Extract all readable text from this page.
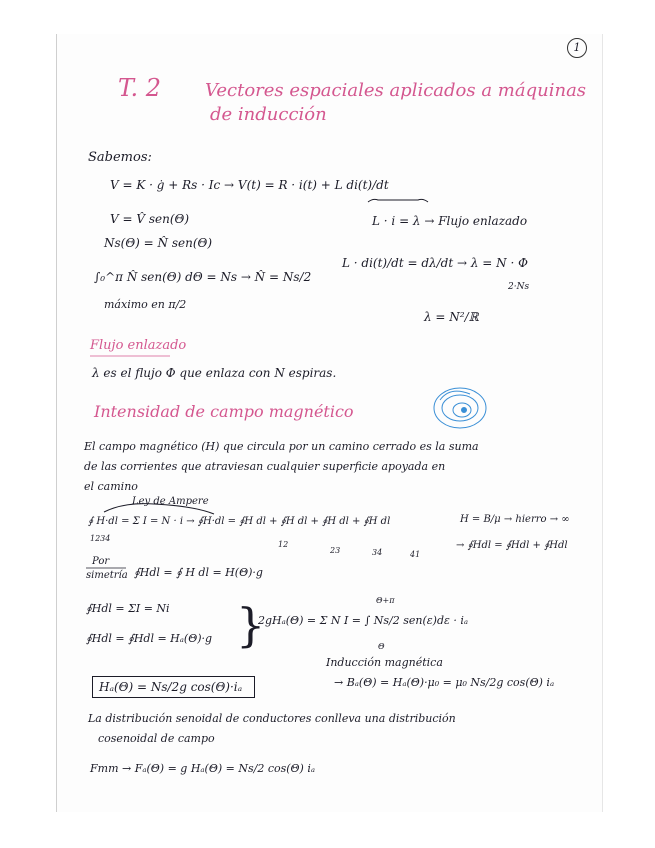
1
T. 2 Vectores espaciales aplicados a máquinas
de inducción
Sabemos:
V = K · ġ + Rs · Ic → V(t) = R · i(t) + L di(t)/dt
V = V̂ sen(Θ)
Ns(Θ) = N̂ sen(Θ)
∫₀^π N̂ sen(Θ) dΘ = Ns → N̂ = Ns/2
máximo en π/2
L · i = λ → Flujo enlazado
L · di(t)/dt = dλ/dt → λ = N · Φ
2·Ns
λ = N²/ℝ
Flujo enlazado
λ es el flujo Φ que enlaza con N espiras.
Intensidad de campo magnético
El campo magnético (H) que circula por un camino cerrado es la suma
de las corrientes que atraviesan cualquier superficie apoyada en
el camino
Ley de Ampere
∮ H·dl = Σ I = N · i → ∮H·dl = ∮H dl + ∮H dl + ∮H dl + ∮H dl
1234
12
23	34	41
H = B/μ → hierro → ∞
→ ∮Hdl = ∮Hdl + ∮Hdl
Por
simetría ∮Hdl = ∮ H dl = H(Θ)·g
∮Hdl = ΣI = Ni
∮Hdl = ∮Hdl = Hₐ(Θ)·g }
2gHₐ(Θ) = Σ N I = ∫ Ns/2 sen(ε)dε · iₐ
Θ+π
Θ
Hₐ(Θ) = Ns/2g cos(Θ)·iₐ
Inducción magnética
→ Bₐ(Θ) = Hₐ(Θ)·μ₀ = μ₀ Ns/2g cos(Θ) iₐ
La distribución senoidal de conductores conlleva una distribución
cosenoidal de campo
Fmm → Fₐ(Θ) = g Hₐ(Θ) = Ns/2 cos(Θ) iₐ
